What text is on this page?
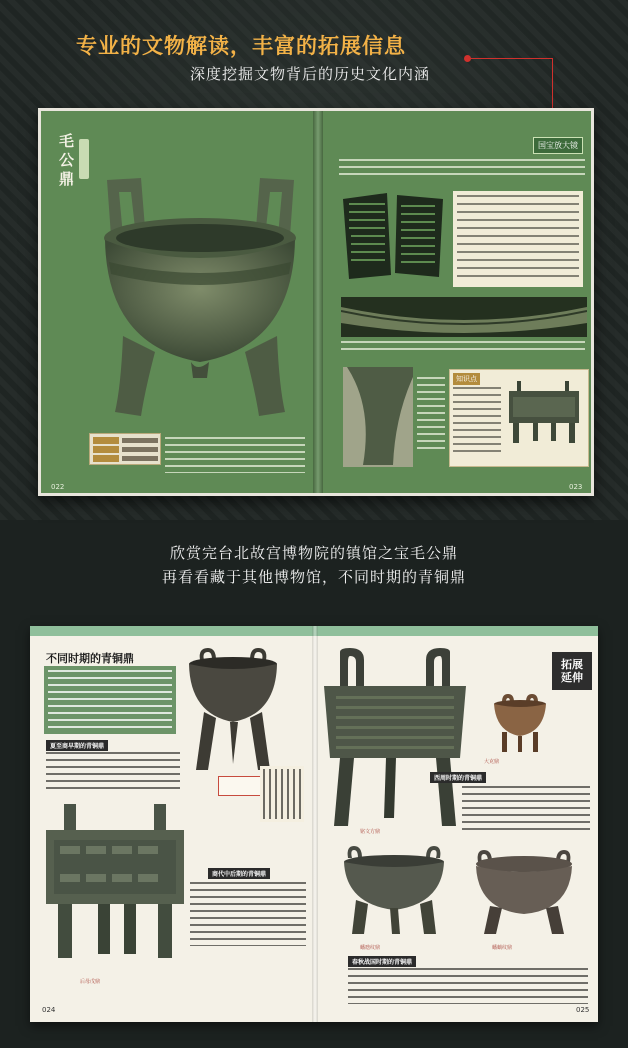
专业的文物解读，丰富的拓展信息
深度挖掘文物背后的历史文化内涵
毛公鼎
022
国宝放大镜
知识点
023
欣赏完台北故宫博物院的镇馆之宝毛公鼎
再看看藏于其他博物馆，不同时期的青铜鼎
不同时期的青铜鼎
夏至商早期的青铜鼎
后母戊鼎
商代中后期的青铜鼎
024
铭文方鼎
拓展
延伸
大克鼎
西周时期的青铜鼎
蟠虺纹鼎	蟠螭纹鼎
春秋战国时期的青铜鼎
025
